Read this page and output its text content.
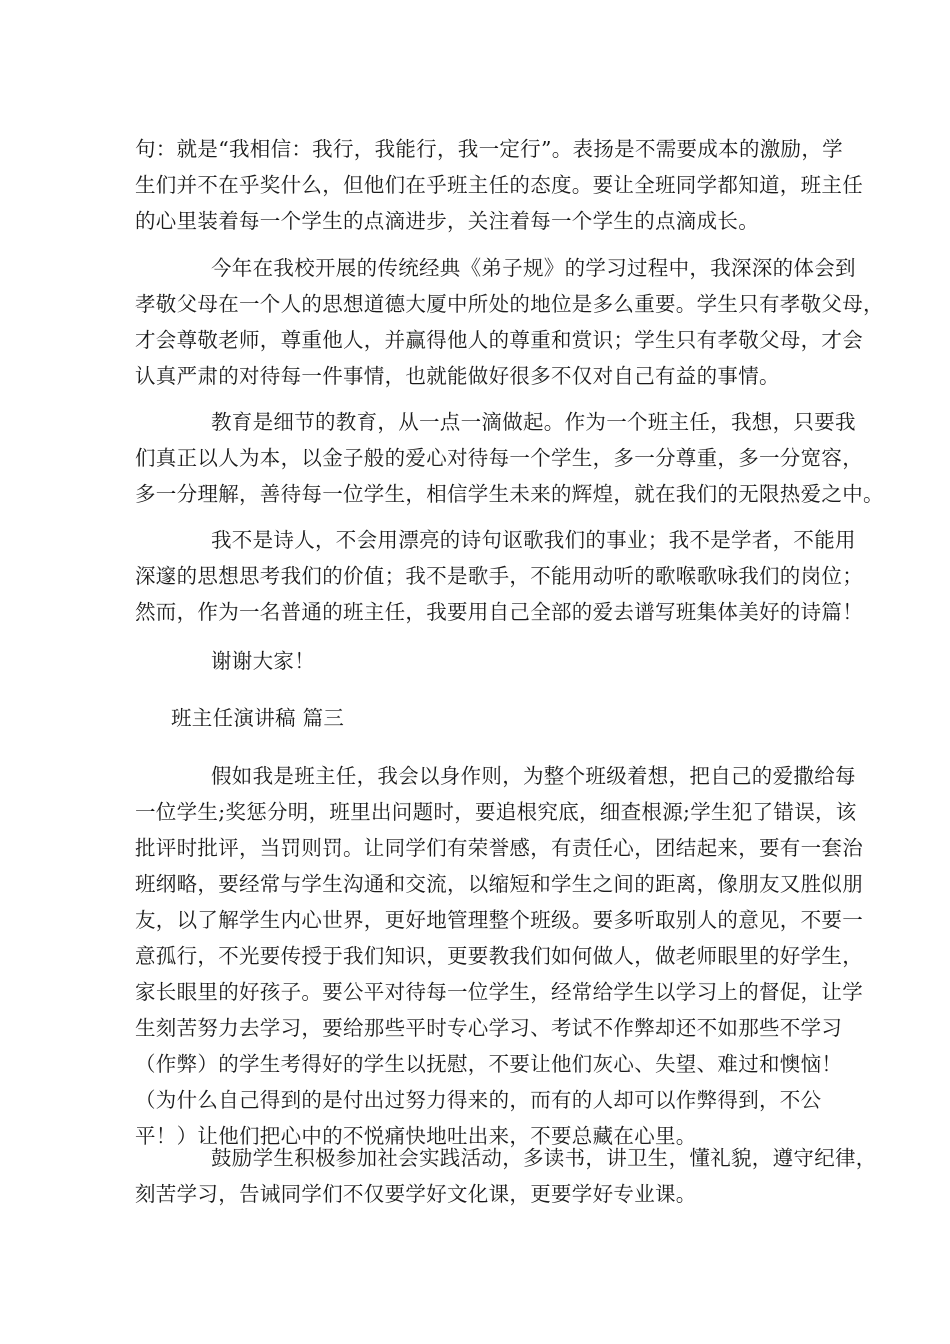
句：就是“我相信：我行，我能行，我一定行”。表扬是不需要成本的激励，学
生们并不在乎奖什么，但他们在乎班主任的态度。要让全班同学都知道，班主任
的心里装着每一个学生的点滴进步，关注着每一个学生的点滴成长。

今年在我校开展的传统经典《弟子规》的学习过程中，我深深的体会到
孝敬父母在一个人的思想道德大厦中所处的地位是多么重要。学生只有孝敬父母，
才会尊敬老师，尊重他人，并赢得他人的尊重和赏识；学生只有孝敬父母，才会
认真严肃的对待每一件事情，也就能做好很多不仅对自己有益的事情。

教育是细节的教育，从一点一滴做起。作为一个班主任，我想，只要我
们真正以人为本，以金子般的爱心对待每一个学生，多一分尊重，多一分宽容，
多一分理解，善待每一位学生，相信学生未来的辉煌，就在我们的无限热爱之中。

我不是诗人，不会用漂亮的诗句讴歌我们的事业；我不是学者，不能用
深邃的思想思考我们的价值；我不是歌手，不能用动听的歌喉歌咏我们的岗位；
然而，作为一名普通的班主任，我要用自己全部的爱去谱写班集体美好的诗篇！

谢谢大家！

班主任演讲稿 篇三

假如我是班主任，我会以身作则，为整个班级着想，把自己的爱撒给每
一位学生;奖惩分明，班里出问题时，要追根究底，细查根源;学生犯了错误，该
批评时批评，当罚则罚。让同学们有荣誉感，有责任心，团结起来，要有一套治
班纲略，要经常与学生沟通和交流，以缩短和学生之间的距离，像朋友又胜似朋
友，以了解学生内心世界，更好地管理整个班级。要多听取别人的意见，不要一
意孤行，不光要传授于我们知识，更要教我们如何做人，做老师眼里的好学生，
家长眼里的好孩子。要公平对待每一位学生，经常给学生以学习上的督促，让学
生刻苦努力去学习，要给那些平时专心学习、考试不作弊却还不如那些不学习
（作弊）的学生考得好的学生以抚慰，不要让他们灰心、失望、难过和懊恼！
（为什么自己得到的是付出过努力得来的，而有的人却可以作弊得到，不公
平！）让他们把心中的不悦痛快地吐出来，不要总藏在心里。

鼓励学生积极参加社会实践活动，多读书，讲卫生，懂礼貌，遵守纪律，
刻苦学习，告诫同学们不仅要学好文化课，更要学好专业课。
